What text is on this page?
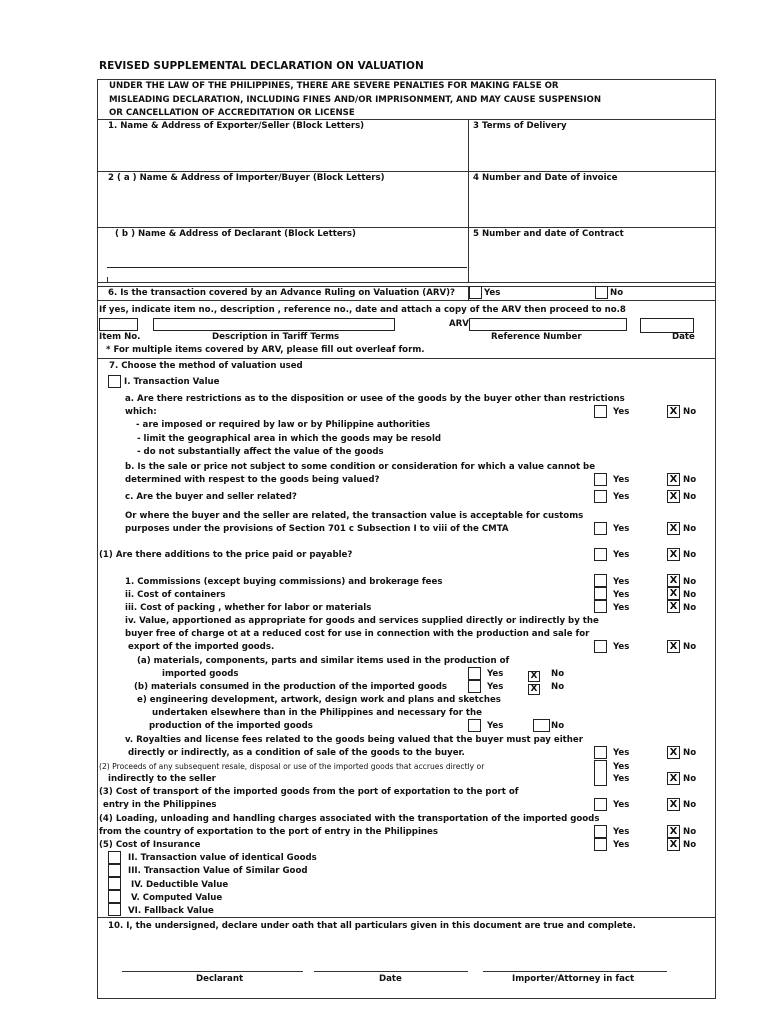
REVISED SUPPLEMENTAL DECLARATION ON VALUATION
UNDER THE LAW OF THE PHILIPPINES, THERE ARE SEVERE PENALTIES FOR MAKING FALSE OR
MISLEADING DECLARATION, INCLUDING FINES AND/OR IMPRISONMENT, AND MAY CAUSE SUSPENSION
OR CANCELLATION OF ACCREDITATION OR LICENSE
1. Name & Address of Exporter/Seller (Block Letters)	3 Terms of Delivery
2 ( a ) Name & Address of Importer/Buyer (Block Letters)	4 Number and Date of invoice
( b ) Name & Address of Declarant (Block Letters)	5 Number and date of Contract
6. Is the transaction covered by an Advance Ruling on Valuation (ARV)?	Yes	No
If yes, indicate item no., description , reference no., date and attach a copy of the ARV then proceed to no.8
ARV
Item No.	Description in Tariff Terms	Reference Number	Date
* For multiple items covered by ARV, please fill out overleaf form.
7. Choose the method of valuation used
I. Transaction Value
a. Are there restrictions as to the disposition or usee of the goods by the buyer other than restrictions
which:	Yes	X No
- are imposed or required by law or by Philippine authorities
- limit the geographical area in which the goods may be resold
- do not substantially affect the value of the goods
b. Is the sale or price not subject to some condition or consideration for which a value cannot be
determined with respest to the goods being valued?	Yes	X No
c. Are the buyer and seller related?	Yes	X No
Or where the buyer and the seller are related, the transaction value is acceptable for customs
purposes under the provisions of Section 701 c Subsection I to viii of the CMTA	Yes	X No
(1) Are there additions to the price paid or payable?	Yes	X No
1. Commissions (except buying commissions) and brokerage fees	Yes	X No
ii. Cost of containers	Yes	X No
iii. Cost of packing , whether for labor or materials	Yes	X No
iv. Value, apportioned as appropriate for goods and services supplied directly or indirectly by the
buyer free of charge ot at a reduced cost for use in connection with the production and sale for
export of the imported goods.	Yes	X No
(a) materials, components, parts and similar items used in the production of
imported goods	Yes	X No
(b) materials consumed in the production of the imported goods	Yes	X No
e) engineering development, artwork, design work and plans and sketches
undertaken elsewhere than in the Philippines and necessary for the
production of the imported goods	Yes	No
v. Royalties and license fees related to the goods being valued that the buyer must pay either
directly or indirectly, as a condition of sale of the goods to the buyer.	Yes	X No
(2) Proceeds of any subsequent resale, disposal or use of the imported goods that accrues directly or	Yes
indirectly to the seller	Yes	X No
(3) Cost of transport of the imported goods from the port of exportation to the port of
entry in the Philippines	Yes	X No
(4) Loading, unloading and handling charges associated with the transportation of the imported goods
from the country of exportation to the port of entry in the Philippines	Yes	X No
(5) Cost of Insurance	Yes	X No
II. Transaction value of identical Goods
III. Transaction Value of Similar Good
IV. Deductible Value
V. Computed Value
VI. Fallback Value
10. I, the undersigned, declare under oath that all particulars given in this document are true and complete.
Declarant	Date	Importer/Attorney in fact
